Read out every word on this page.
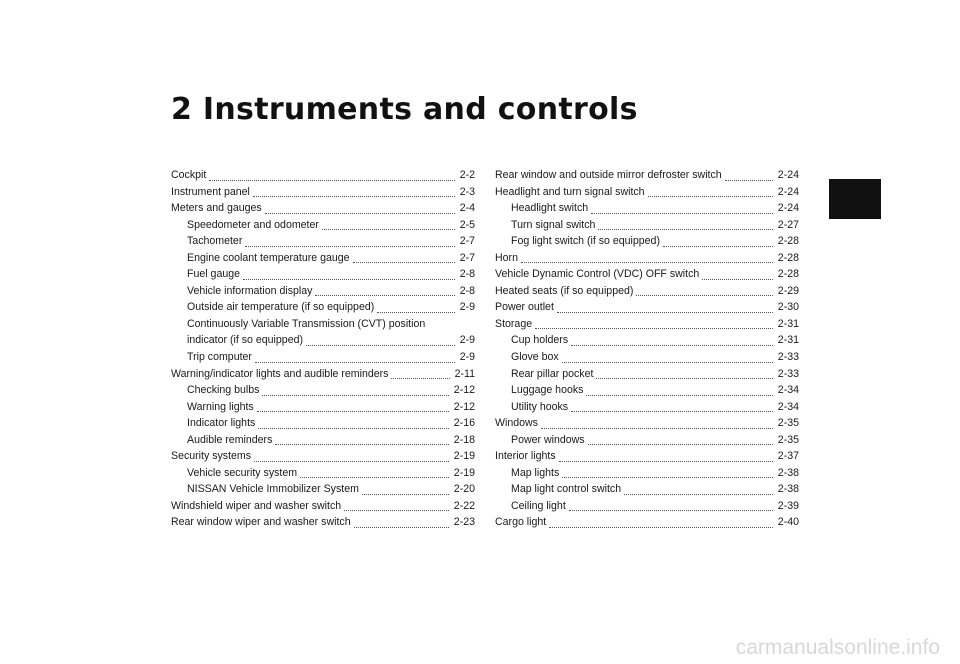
2 Instruments and controls
Cockpit	2-2
Instrument panel	2-3
Meters and gauges	2-4
Speedometer and odometer	2-5
Tachometer	2-7
Engine coolant temperature gauge	2-7
Fuel gauge	2-8
Vehicle information display	2-8
Outside air temperature (if so equipped)	2-9
Continuously Variable Transmission (CVT) position
indicator (if so equipped)	2-9
Trip computer	2-9
Warning/indicator lights and audible reminders	2-11
Checking bulbs	2-12
Warning lights	2-12
Indicator lights	2-16
Audible reminders	2-18
Security systems	2-19
Vehicle security system	2-19
NISSAN Vehicle Immobilizer System	2-20
Windshield wiper and washer switch	2-22
Rear window wiper and washer switch	2-23
Rear window and outside mirror defroster switch	2-24
Headlight and turn signal switch	2-24
Headlight switch	2-24
Turn signal switch	2-27
Fog light switch (if so equipped)	2-28
Horn	2-28
Vehicle Dynamic Control (VDC) OFF switch	2-28
Heated seats (if so equipped)	2-29
Power outlet	2-30
Storage	2-31
Cup holders	2-31
Glove box	2-33
Rear pillar pocket	2-33
Luggage hooks	2-34
Utility hooks	2-34
Windows	2-35
Power windows	2-35
Interior lights	2-37
Map lights	2-38
Map light control switch	2-38
Ceiling light	2-39
Cargo light	2-40
carmanualsonline.info
